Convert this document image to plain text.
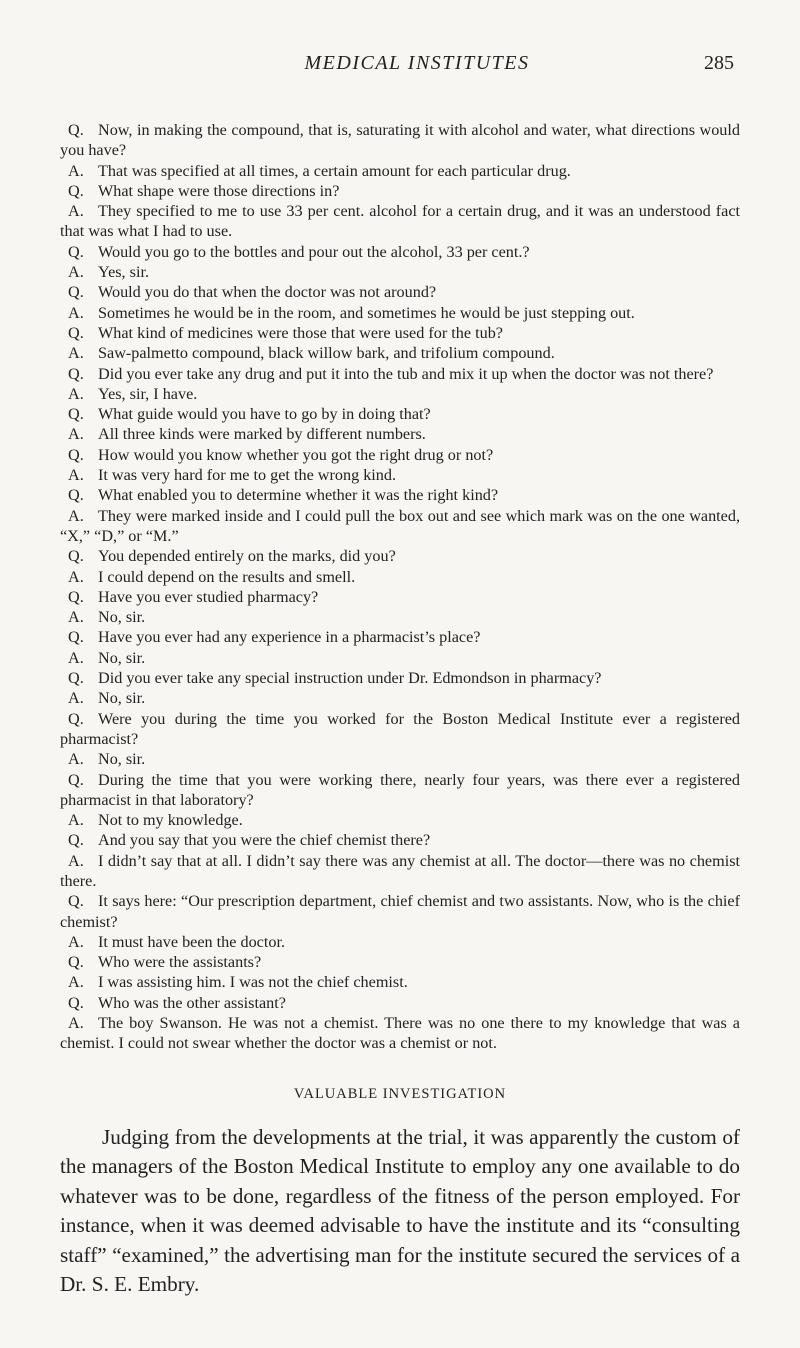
MEDICAL INSTITUTES	285

Q. Now, in making the compound, that is, saturating it with alcohol and water, what directions would you have?

A. That was specified at all times, a certain amount for each particular drug.

Q. What shape were those directions in?

A. They specified to me to use 33 per cent. alcohol for a certain drug, and it was an understood fact that was what I had to use.

Q. Would you go to the bottles and pour out the alcohol, 33 per cent.?

A. Yes, sir.

Q. Would you do that when the doctor was not around?

A. Sometimes he would be in the room, and sometimes he would be just stepping out.

Q. What kind of medicines were those that were used for the tub?

A. Saw-palmetto compound, black willow bark, and trifolium compound.

Q. Did you ever take any drug and put it into the tub and mix it up when the doctor was not there?

A. Yes, sir, I have.

Q. What guide would you have to go by in doing that?

A. All three kinds were marked by different numbers.

Q. How would you know whether you got the right drug or not?

A. It was very hard for me to get the wrong kind.

Q. What enabled you to determine whether it was the right kind?

A. They were marked inside and I could pull the box out and see which mark was on the one wanted, “X,” “D,” or “M.”

Q. You depended entirely on the marks, did you?

A. I could depend on the results and smell.

Q. Have you ever studied pharmacy?

A. No, sir.

Q. Have you ever had any experience in a pharmacist’s place?

A. No, sir.

Q. Did you ever take any special instruction under Dr. Edmondson in pharmacy?

A. No, sir.

Q. Were you during the time you worked for the Boston Medical Institute ever a registered pharmacist?

A. No, sir.

Q. During the time that you were working there, nearly four years, was there ever a registered pharmacist in that laboratory?

A. Not to my knowledge.

Q. And you say that you were the chief chemist there?

A. I didn’t say that at all. I didn’t say there was any chemist at all. The doctor—there was no chemist there.

Q. It says here: “Our prescription department, chief chemist and two assistants. Now, who is the chief chemist?

A. It must have been the doctor.

Q. Who were the assistants?

A. I was assisting him. I was not the chief chemist.

Q. Who was the other assistant?

A. The boy Swanson. He was not a chemist. There was no one there to my knowledge that was a chemist. I could not swear whether the doctor was a chemist or not.

VALUABLE INVESTIGATION

Judging from the developments at the trial, it was apparently the custom of the managers of the Boston Medical Institute to employ any one available to do whatever was to be done, regardless of the fitness of the person employed. For instance, when it was deemed advisable to have the institute and its “consulting staff” “examined,” the advertising man for the institute secured the services of a Dr. S. E. Embry.
